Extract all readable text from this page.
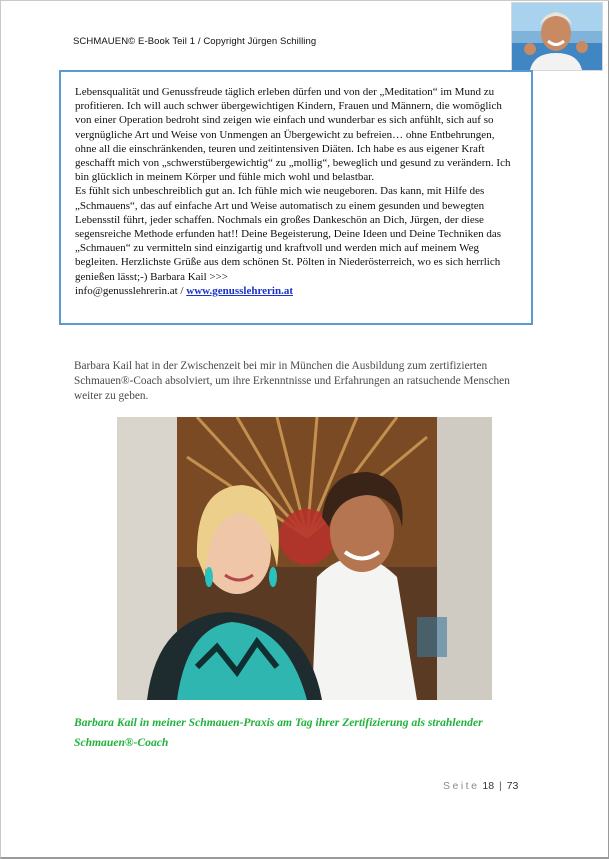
SCHMAUEN© E-Book Teil 1 / Copyright Jürgen Schilling

Lebensqualität und Genussfreude täglich erleben dürfen und von der „Meditation“ im Mund zu profitieren. Ich will auch schwer übergewichtigen Kindern, Frauen und Männern, die womöglich von einer Operation bedroht sind zeigen wie einfach und wunderbar es sich anfühlt, sich auf so vergnügliche Art und Weise von Unmengen an Übergewicht zu befreien… ohne Entbehrungen, ohne all die einschränkenden, teuren und zeitintensiven Diäten. Ich habe es aus eigener Kraft geschafft mich von „schwerstübergewichtig“ zu „mollig“, beweglich und gesund zu verändern. Ich bin glücklich in meinem Körper und fühle mich wohl und belastbar.

Es fühlt sich unbeschreiblich gut an. Ich fühle mich wie neugeboren. Das kann, mit Hilfe des „Schmauens“, das auf einfache Art und Weise automatisch zu einem gesunden und bewegten Lebensstil führt, jeder schaffen. Nochmals ein großes Dankeschön an Dich, Jürgen, der diese segensreiche Methode erfunden hat!! Deine Begeisterung, Deine Ideen und Deine Techniken das „Schmauen“ zu vermitteln sind einzigartig und kraftvoll und werden mich auf meinem Weg begleiten. Herzlichste Grüße aus dem schönen St. Pölten in Niederösterreich, wo es sich herrlich genießen lässt;-) Barbara Kail >>>

info@genusslehrerin.at / www.genusslehrerin.at

Barbara Kail hat in der Zwischenzeit bei mir in München die Ausbildung zum zertifizierten Schmauen®-Coach absolviert, um ihre Erkenntnisse und Erfahrungen an ratsuchende Menschen weiter zu geben.
Barbara Kail in meiner Schmauen-Praxis am Tag ihrer Zertifizierung als strahlender Schmauen®-Coach
Seite 18 | 73
